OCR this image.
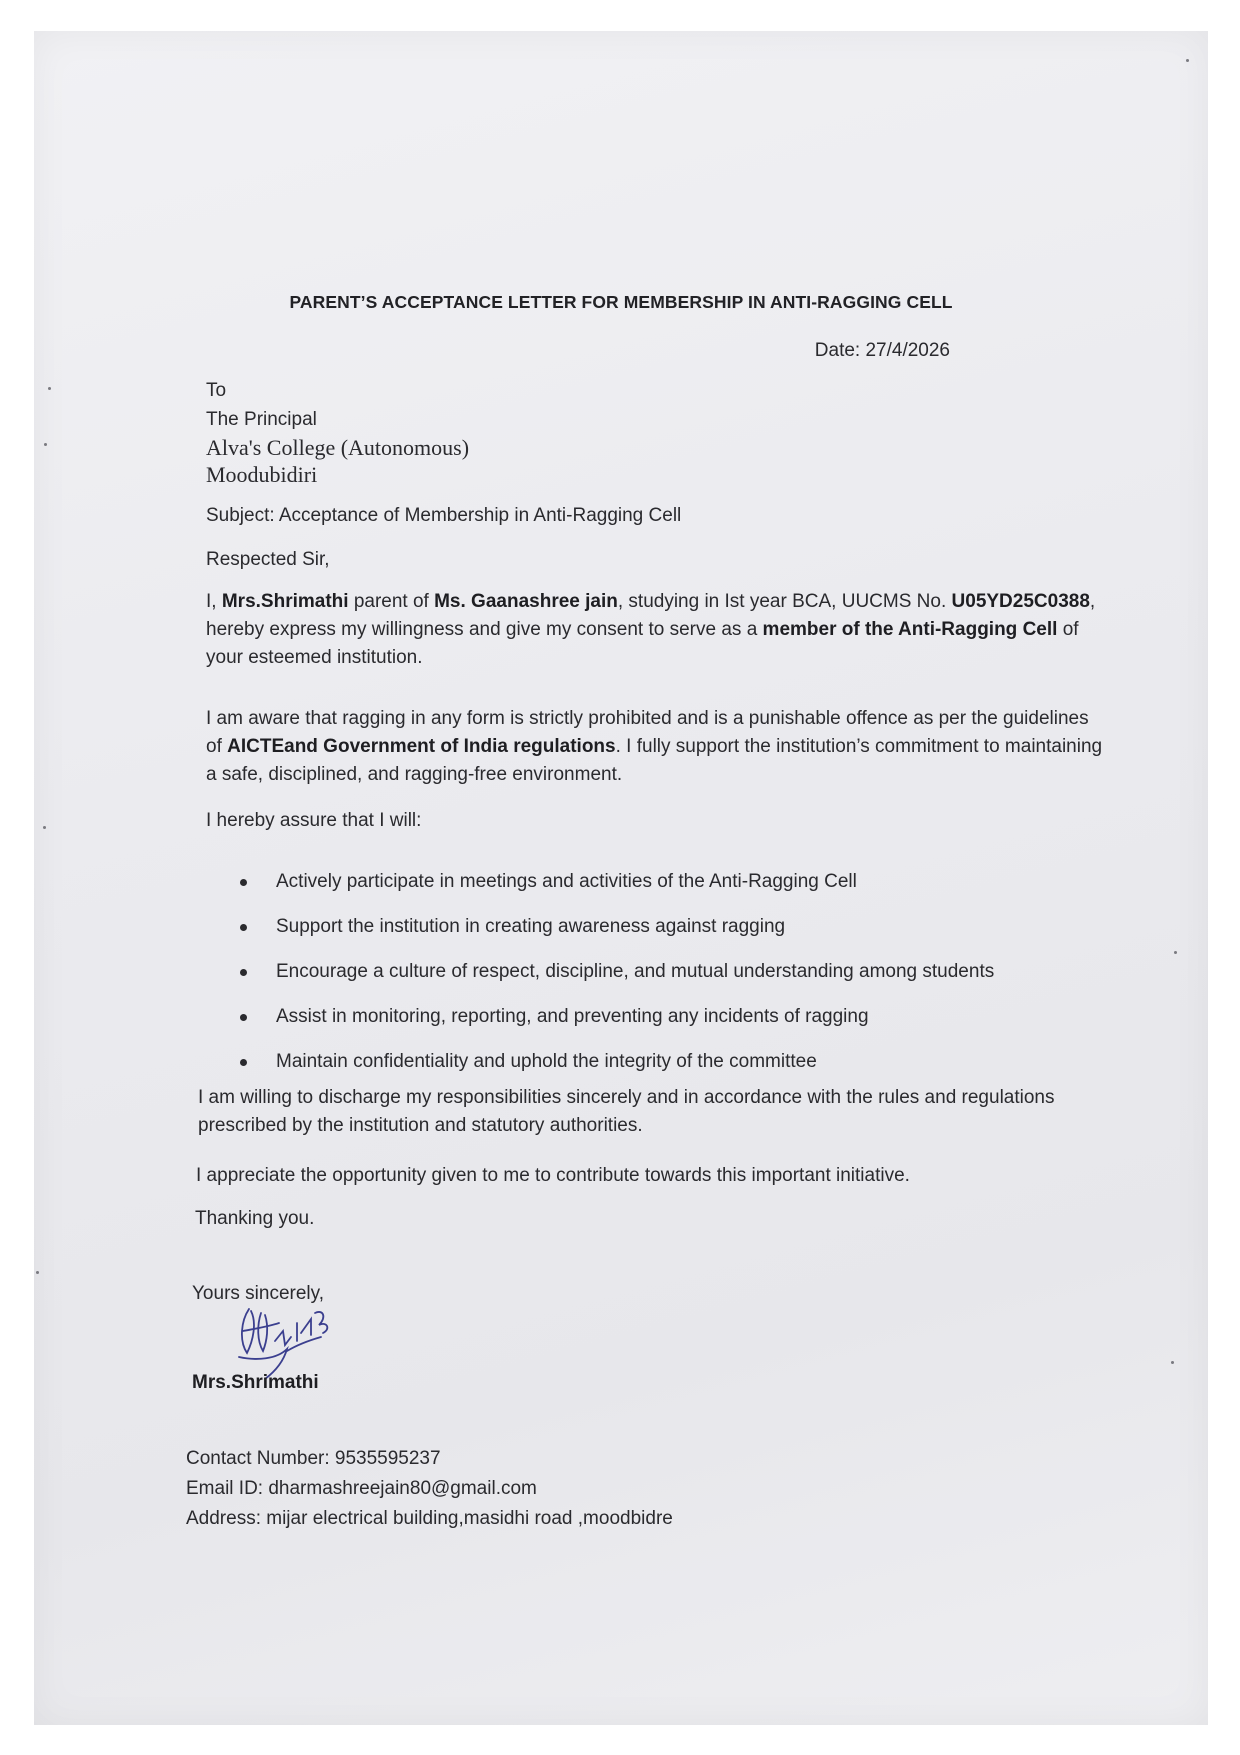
PARENT’S ACCEPTANCE LETTER FOR MEMBERSHIP IN ANTI-RAGGING CELL
Date: 27/4/2026
To
The Principal
Alva's College (Autonomous)
Moodubidiri
Subject: Acceptance of Membership in Anti-Ragging Cell
Respected Sir,
I, Mrs.Shrimathi parent of Ms. Gaanashree jain, studying in Ist year BCA, UUCMS No. U05YD25C0388, hereby express my willingness and give my consent to serve as a member of the Anti-Ragging Cell of your esteemed institution.
I am aware that ragging in any form is strictly prohibited and is a punishable offence as per the guidelines of AICTEand Government of India regulations. I fully support the institution’s commitment to maintaining a safe, disciplined, and ragging-free environment.
I hereby assure that I will:
Actively participate in meetings and activities of the Anti-Ragging Cell
Support the institution in creating awareness against ragging
Encourage a culture of respect, discipline, and mutual understanding among students
Assist in monitoring, reporting, and preventing any incidents of ragging
Maintain confidentiality and uphold the integrity of the committee
I am willing to discharge my responsibilities sincerely and in accordance with the rules and regulations prescribed by the institution and statutory authorities.
I appreciate the opportunity given to me to contribute towards this important initiative.
Thanking you.
Yours sincerely,
Mrs.Shrimathi
Contact Number: 9535595237
Email ID: dharmashreejain80@gmail.com
Address: mijar electrical building,masidhi road ,moodbidre
